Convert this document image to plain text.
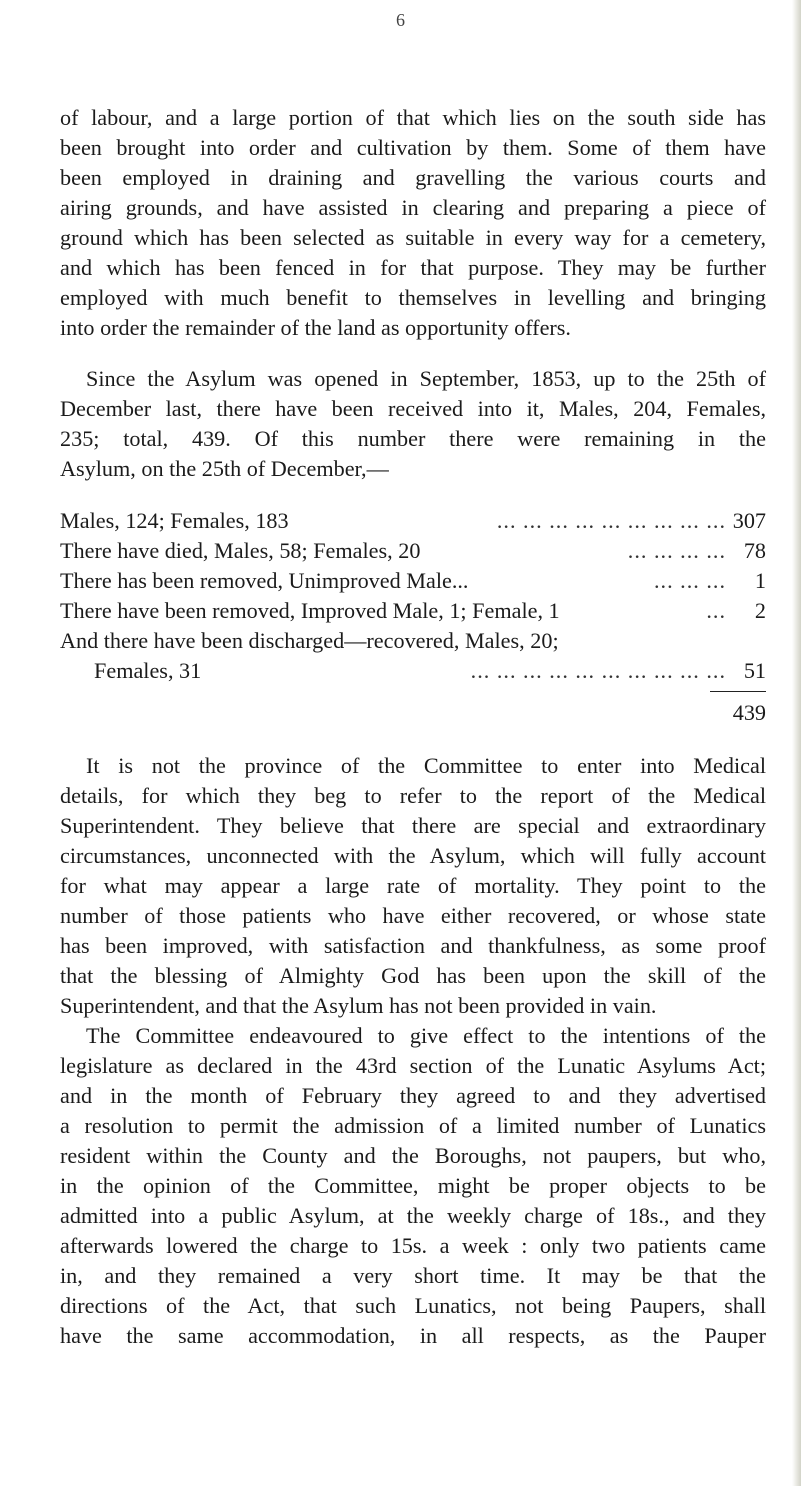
6
of labour, and a large portion of that which lies on the south side has
been brought into order and cultivation by them. Some of them have
been employed in draining and gravelling the various courts and
airing grounds, and have assisted in clearing and preparing a piece of
ground which has been selected as suitable in every way for a cemetery,
and which has been fenced in for that purpose. They may be further
employed with much benefit to themselves in levelling and bringing
into order the remainder of the land as opportunity offers.
Since the Asylum was opened in September, 1853, up to the 25th of
December last, there have been received into it, Males, 204, Females,
235; total, 439. Of this number there were remaining in the
Asylum, on the 25th of December,—
Males, 124; Females, 183	... ... ... ... ... ... ... ... ... 307
There have died, Males, 58; Females, 20	... ... ... ... 78
There has been removed, Unimproved Male...	... ... ...	1
There have been removed, Improved Male, 1; Female, 1	...	2
And there have been discharged—recovered, Males, 20;
Females, 31	... ... ... ... ... ... ... ... ... ... 51
439
It is not the province of the Committee to enter into Medical
details, for which they beg to refer to the report of the Medical
Superintendent. They believe that there are special and extraordinary
circumstances, unconnected with the Asylum, which will fully account
for what may appear a large rate of mortality. They point to the
number of those patients who have either recovered, or whose state
has been improved, with satisfaction and thankfulness, as some proof
that the blessing of Almighty God has been upon the skill of the
Superintendent, and that the Asylum has not been provided in vain.
The Committee endeavoured to give effect to the intentions of the
legislature as declared in the 43rd section of the Lunatic Asylums Act;
and in the month of February they agreed to and they advertised
a resolution to permit the admission of a limited number of Lunatics
resident within the County and the Boroughs, not paupers, but who,
in the opinion of the Committee, might be proper objects to be
admitted into a public Asylum, at the weekly charge of 18s., and they
afterwards lowered the charge to 15s. a week : only two patients came
in, and they remained a very short time. It may be that the
directions of the Act, that such Lunatics, not being Paupers, shall
have the same accommodation, in all respects, as the Pauper
